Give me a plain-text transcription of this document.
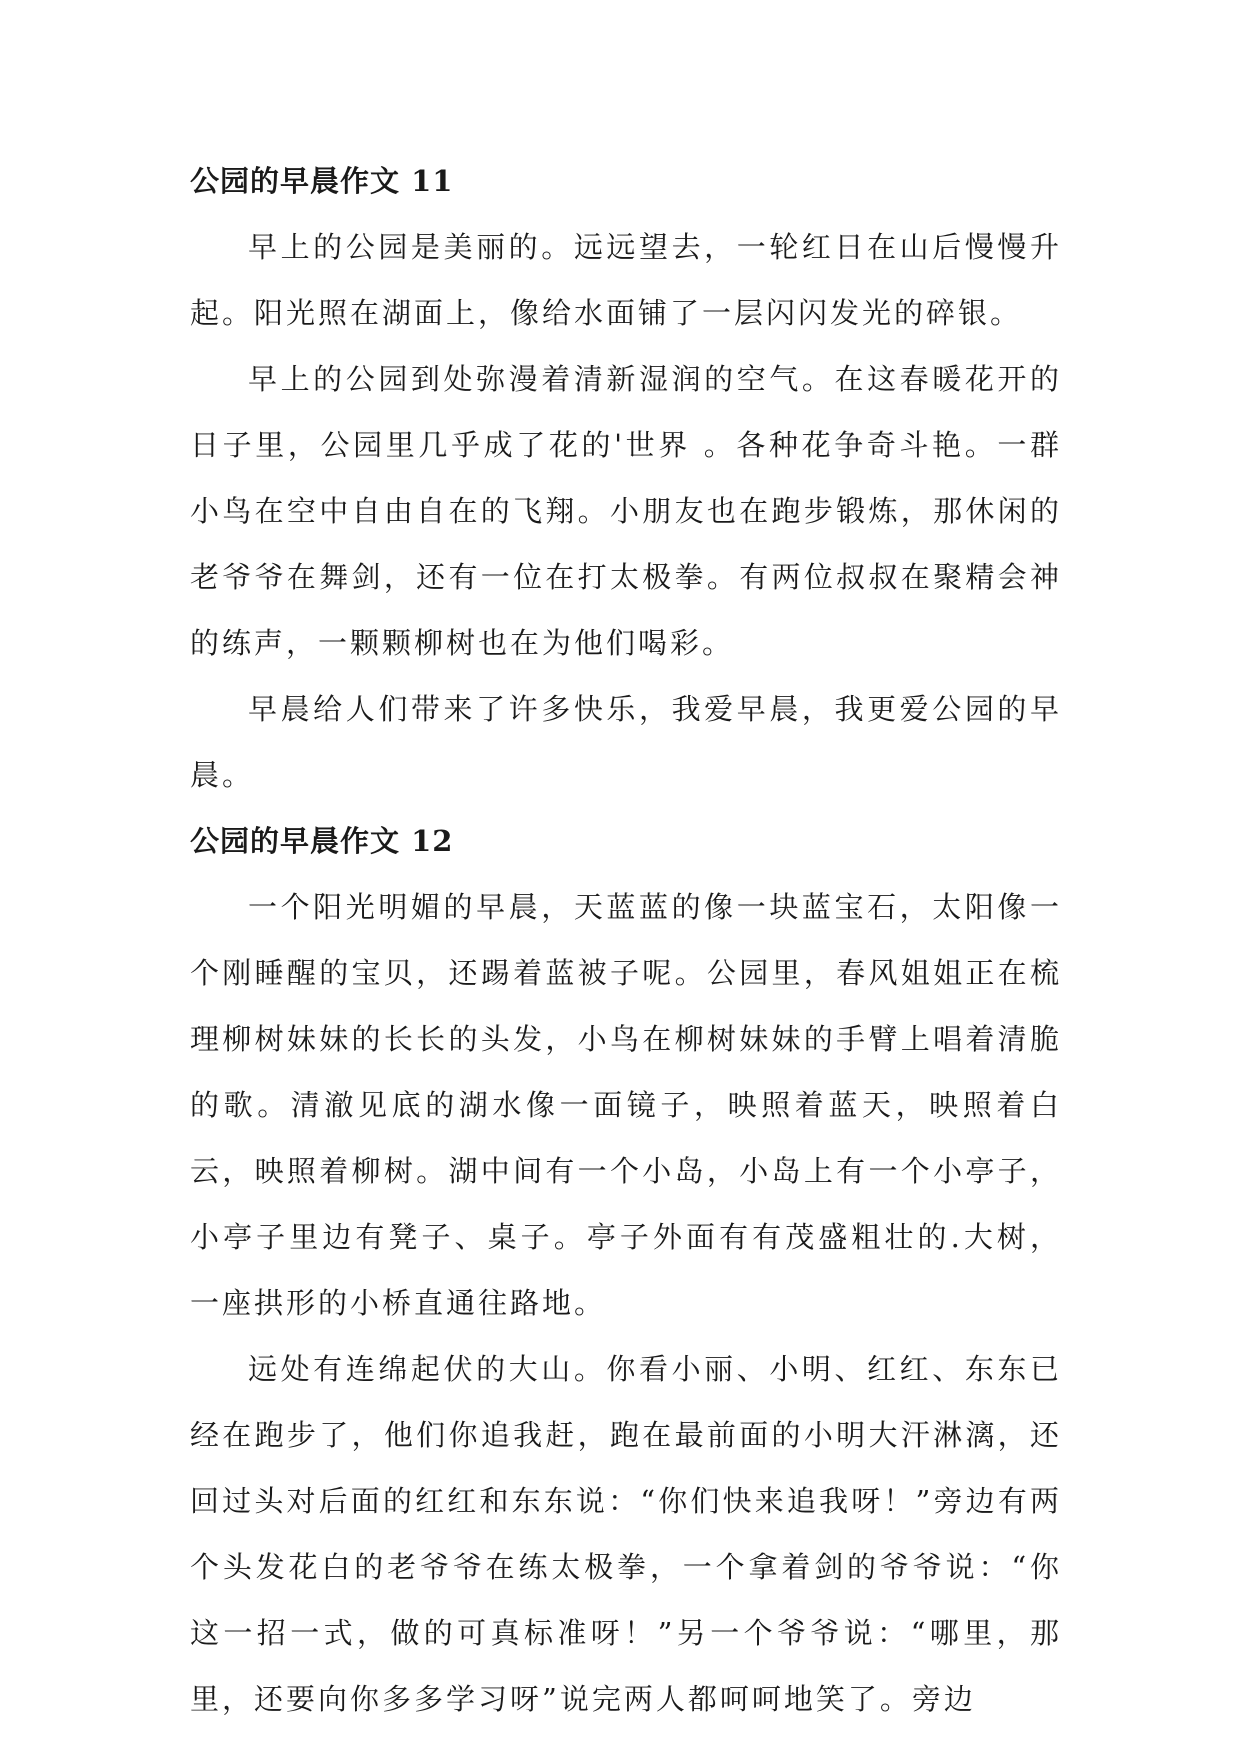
公园的早晨作文 11

早上的公园是美丽的。远远望去，一轮红日在山后慢慢升起。阳光照在湖面上，像给水面铺了一层闪闪发光的碎银。

早上的公园到处弥漫着清新湿润的空气。在这春暖花开的日子里，公园里几乎成了花的'世界 。各种花争奇斗艳。一群小鸟在空中自由自在的飞翔。小朋友也在跑步锻炼，那休闲的老爷爷在舞剑，还有一位在打太极拳。有两位叔叔在聚精会神的练声，一颗颗柳树也在为他们喝彩。

早晨给人们带来了许多快乐，我爱早晨，我更爱公园的早晨。

公园的早晨作文 12

一个阳光明媚的早晨，天蓝蓝的像一块蓝宝石，太阳像一个刚睡醒的宝贝，还踢着蓝被子呢。公园里，春风姐姐正在梳理柳树妹妹的长长的头发，小鸟在柳树妹妹的手臂上唱着清脆的歌。清澈见底的湖水像一面镜子，映照着蓝天，映照着白云，映照着柳树。湖中间有一个小岛，小岛上有一个小亭子，小亭子里边有凳子、桌子。亭子外面有有茂盛粗壮的.大树，一座拱形的小桥直通往路地。

远处有连绵起伏的大山。你看小丽、小明、红红、东东已经在跑步了，他们你追我赶，跑在最前面的小明大汗淋漓，还回过头对后面的红红和东东说：“你们快来追我呀！”旁边有两个头发花白的老爷爷在练太极拳，一个拿着剑的爷爷说：“你这一招一式，做的可真标准呀！”另一个爷爷说：“哪里，那里，还要向你多多学习呀”说完两人都呵呵地笑了。旁边
